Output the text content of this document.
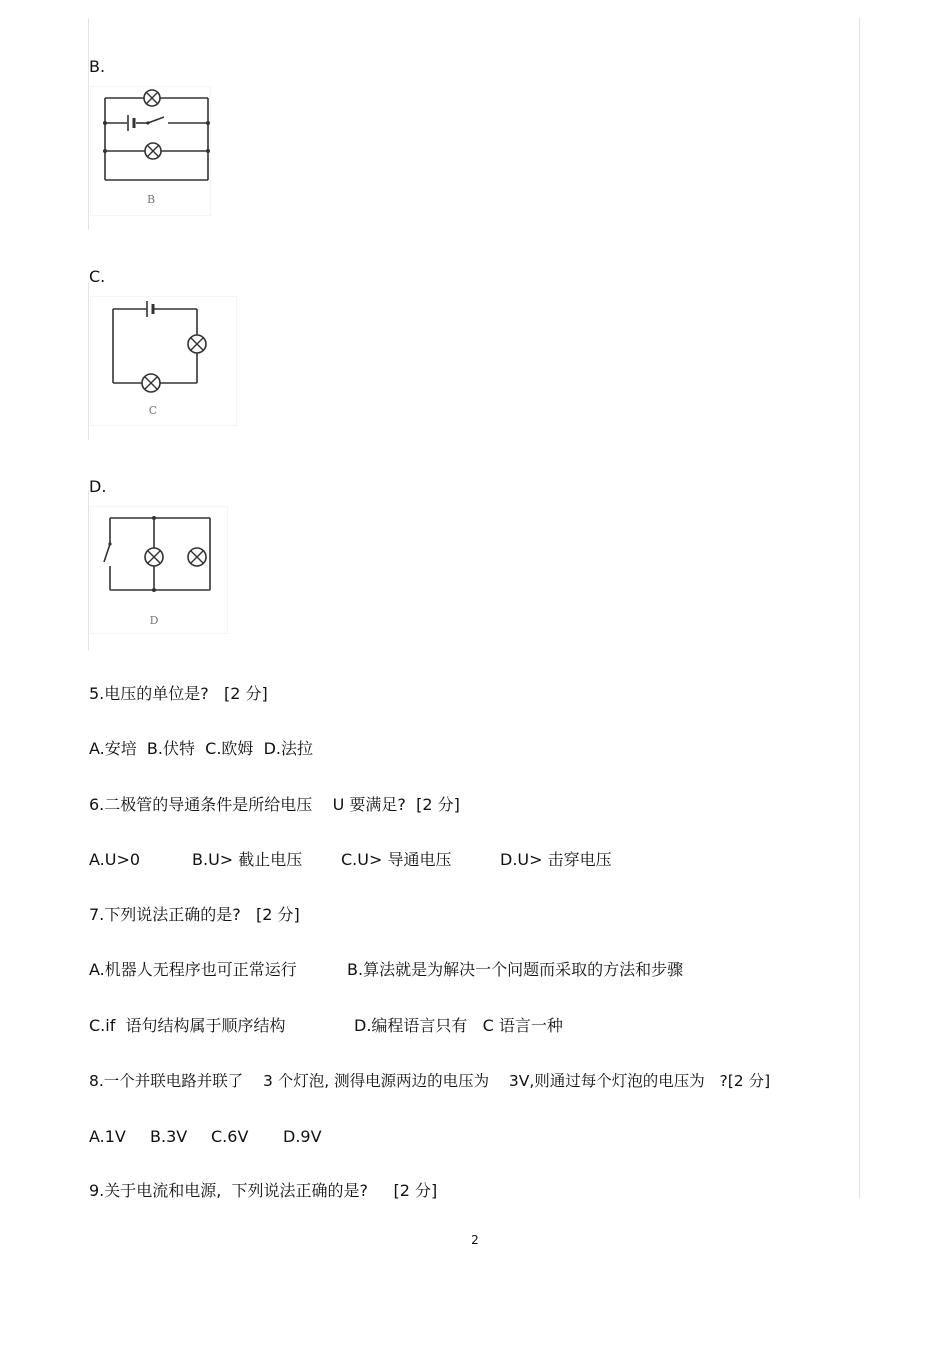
B.
B
C.
C
D.
D
5.电压的单位是?   [2 分]
A.安培  B.伏特  C.欧姆  D.法拉
6.二极管的导通条件是所给电压    U 要满足?  [2 分]
A.U>0	B.U> 截止电压 C.U> 导通电压	D.U> 击穿电压
7.下列说法正确的是?   [2 分]
A.机器人无程序也可正常运行	B.算法就是为解决一个问题而采取的方法和步骤
C.if  语句结构属于顺序结构	D.编程语言只有   C 语言一种
8.一个并联电路并联了    3 个灯泡, 测得电源两边的电压为    3V,则通过每个灯泡的电压为   ?[2 分]
A.1V B.3V C.6V D.9V
9.关于电流和电源,  下列说法正确的是?     [2 分]
2
